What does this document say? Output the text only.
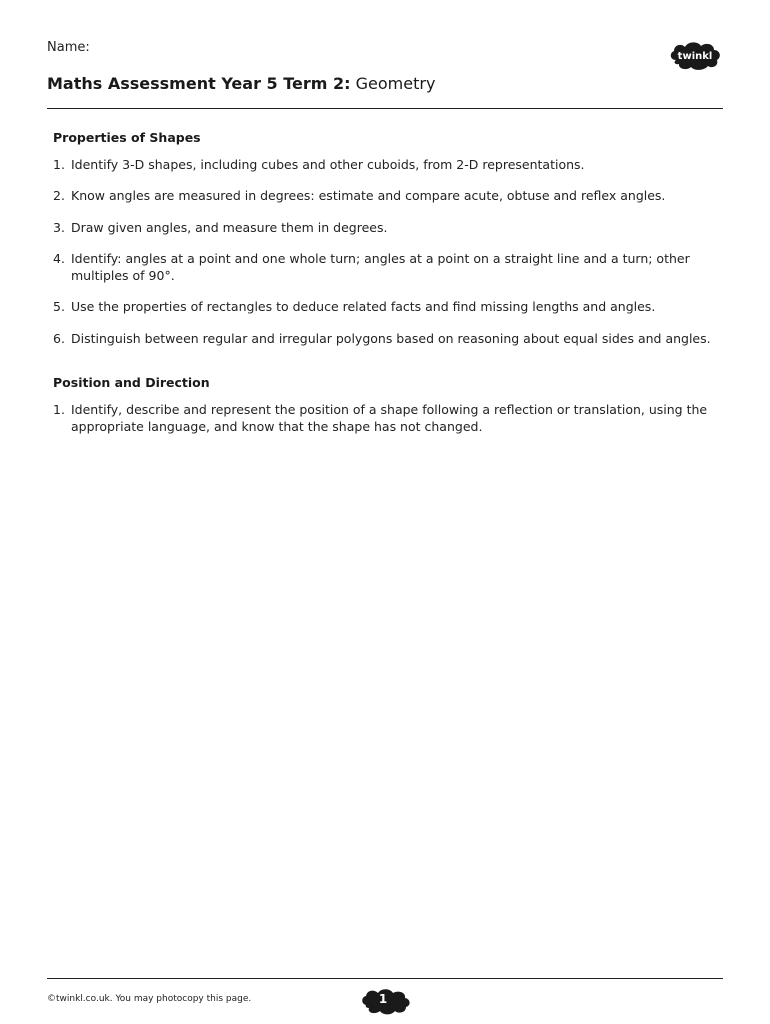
Name:
twinkl
Maths Assessment Year 5 Term 2: Geometry
Properties of Shapes
1. Identify 3-D shapes, including cubes and other cuboids, from 2-D representations.
2. Know angles are measured in degrees: estimate and compare acute, obtuse and reflex angles.
3. Draw given angles, and measure them in degrees.
4. Identify: angles at a point and one whole turn; angles at a point on a straight line and a turn; other multiples of 90°.
5. Use the properties of rectangles to deduce related facts and find missing lengths and angles.
6. Distinguish between regular and irregular polygons based on reasoning about equal sides and angles.
Position and Direction
1. Identify, describe and represent the position of a shape following a reflection or translation, using the appropriate language, and know that the shape has not changed.
©twinkl.co.uk. You may photocopy this page.	1
